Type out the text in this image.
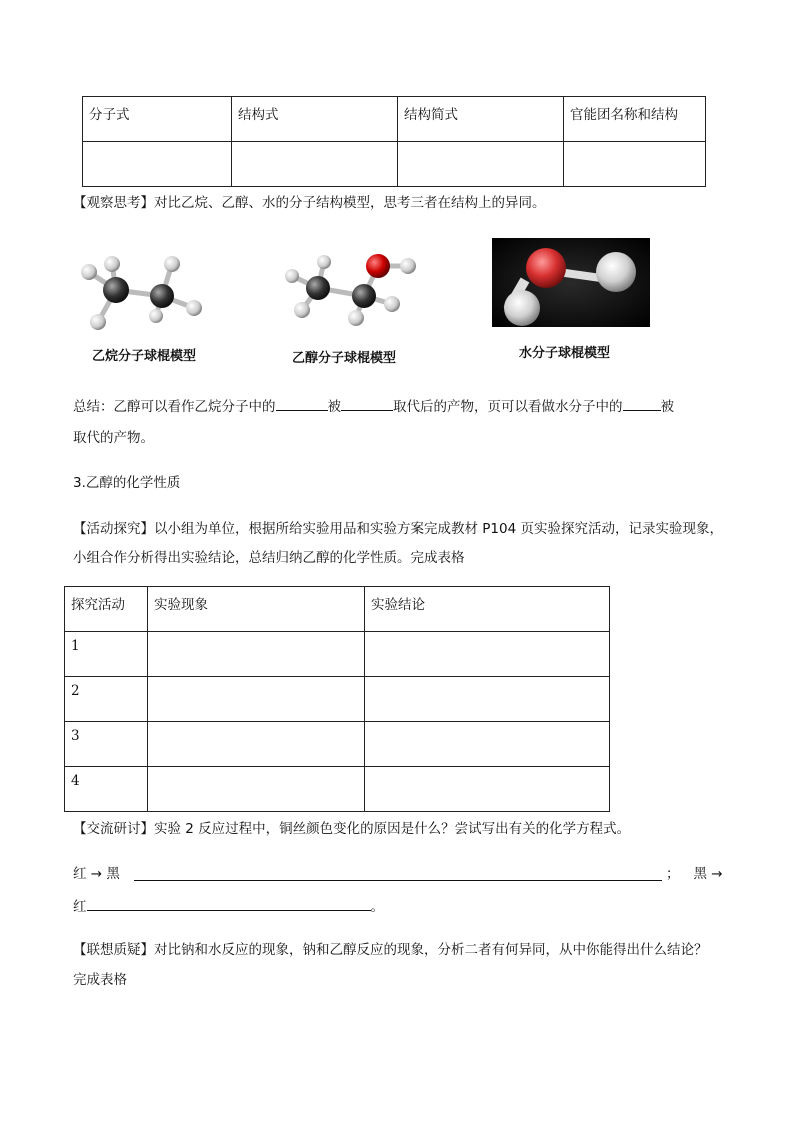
分子式	结构式	结构简式	官能团名称和结构

【观察思考】对比乙烷、乙醇、水的分子结构模型，思考三者在结构上的异同。
乙烷分子球棍模型	乙醇分子球棍模型	水分子球棍模型
总结：乙醇可以看作乙烷分子中的	被	取代后的产物，页可以看做水分子中的	被
取代的产物。
3.乙醇的化学性质
【活动探究】以小组为单位，根据所给实验用品和实验方案完成教材 P104 页实验探究活动，记录实验现象，
小组合作分析得出实验结论，总结归纳乙醇的化学性质。完成表格
探究活动	实验现象	实验结论
1		
2		
3		
4		
【交流研讨】实验 2 反应过程中，铜丝颜色变化的原因是什么？尝试写出有关的化学方程式。
红 → 黑	； 黑 →
红	。
【联想质疑】对比钠和水反应的现象，钠和乙醇反应的现象，分析二者有何异同，从中你能得出什么结论？
完成表格
